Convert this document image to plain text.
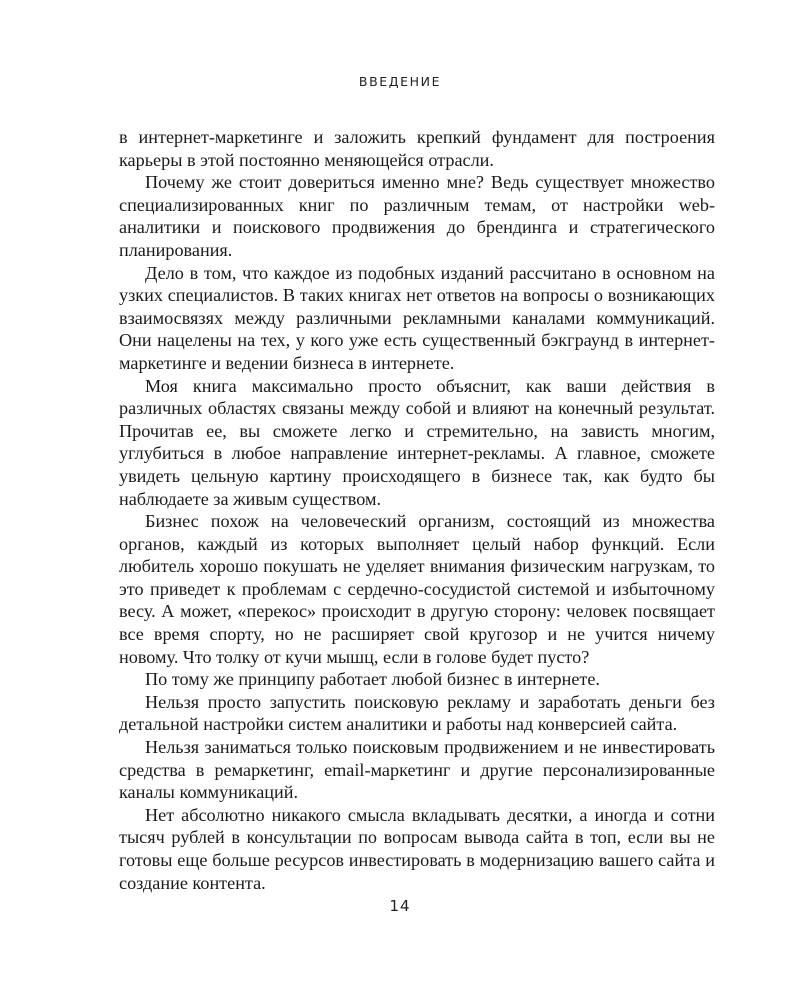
ВВЕДЕНИЕ

в интернет-маркетинге и заложить крепкий фундамент для построения карьеры в этой постоянно меняющейся отрасли.

Почему же стоит довериться именно мне? Ведь существует множество специализированных книг по различным темам, от настройки web-аналитики и поискового продвижения до брендинга и стратегического планирования.

Дело в том, что каждое из подобных изданий рассчитано в основном на узких специалистов. В таких книгах нет ответов на вопросы о возникающих взаимосвязях между различными рекламными каналами коммуникаций. Они нацелены на тех, у кого уже есть существенный бэкграунд в интернет-маркетинге и ведении бизнеса в интернете.

Моя книга максимально просто объяснит, как ваши действия в различных областях связаны между собой и влияют на конечный результат. Прочитав ее, вы сможете легко и стремительно, на зависть многим, углубиться в любое направление интернет-рекламы. А главное, сможете увидеть цельную картину происходящего в бизнесе так, как будто бы наблюдаете за живым существом.

Бизнес похож на человеческий организм, состоящий из множества органов, каждый из которых выполняет целый набор функций. Если любитель хорошо покушать не уделяет внимания физическим нагрузкам, то это приведет к проблемам с сердечно-сосудистой системой и избыточному весу. А может, «перекос» происходит в другую сторону: человек посвящает все время спорту, но не расширяет свой кругозор и не учится ничему новому. Что толку от кучи мышц, если в голове будет пусто?

По тому же принципу работает любой бизнес в интернете.

Нельзя просто запустить поисковую рекламу и заработать деньги без детальной настройки систем аналитики и работы над конверсией сайта.

Нельзя заниматься только поисковым продвижением и не инвестировать средства в ремаркетинг, email-маркетинг и другие персонализированные каналы коммуникаций.

Нет абсолютно никакого смысла вкладывать десятки, а иногда и сотни тысяч рублей в консультации по вопросам вывода сайта в топ, если вы не готовы еще больше ресурсов инвестировать в модернизацию вашего сайта и создание контента.

14
